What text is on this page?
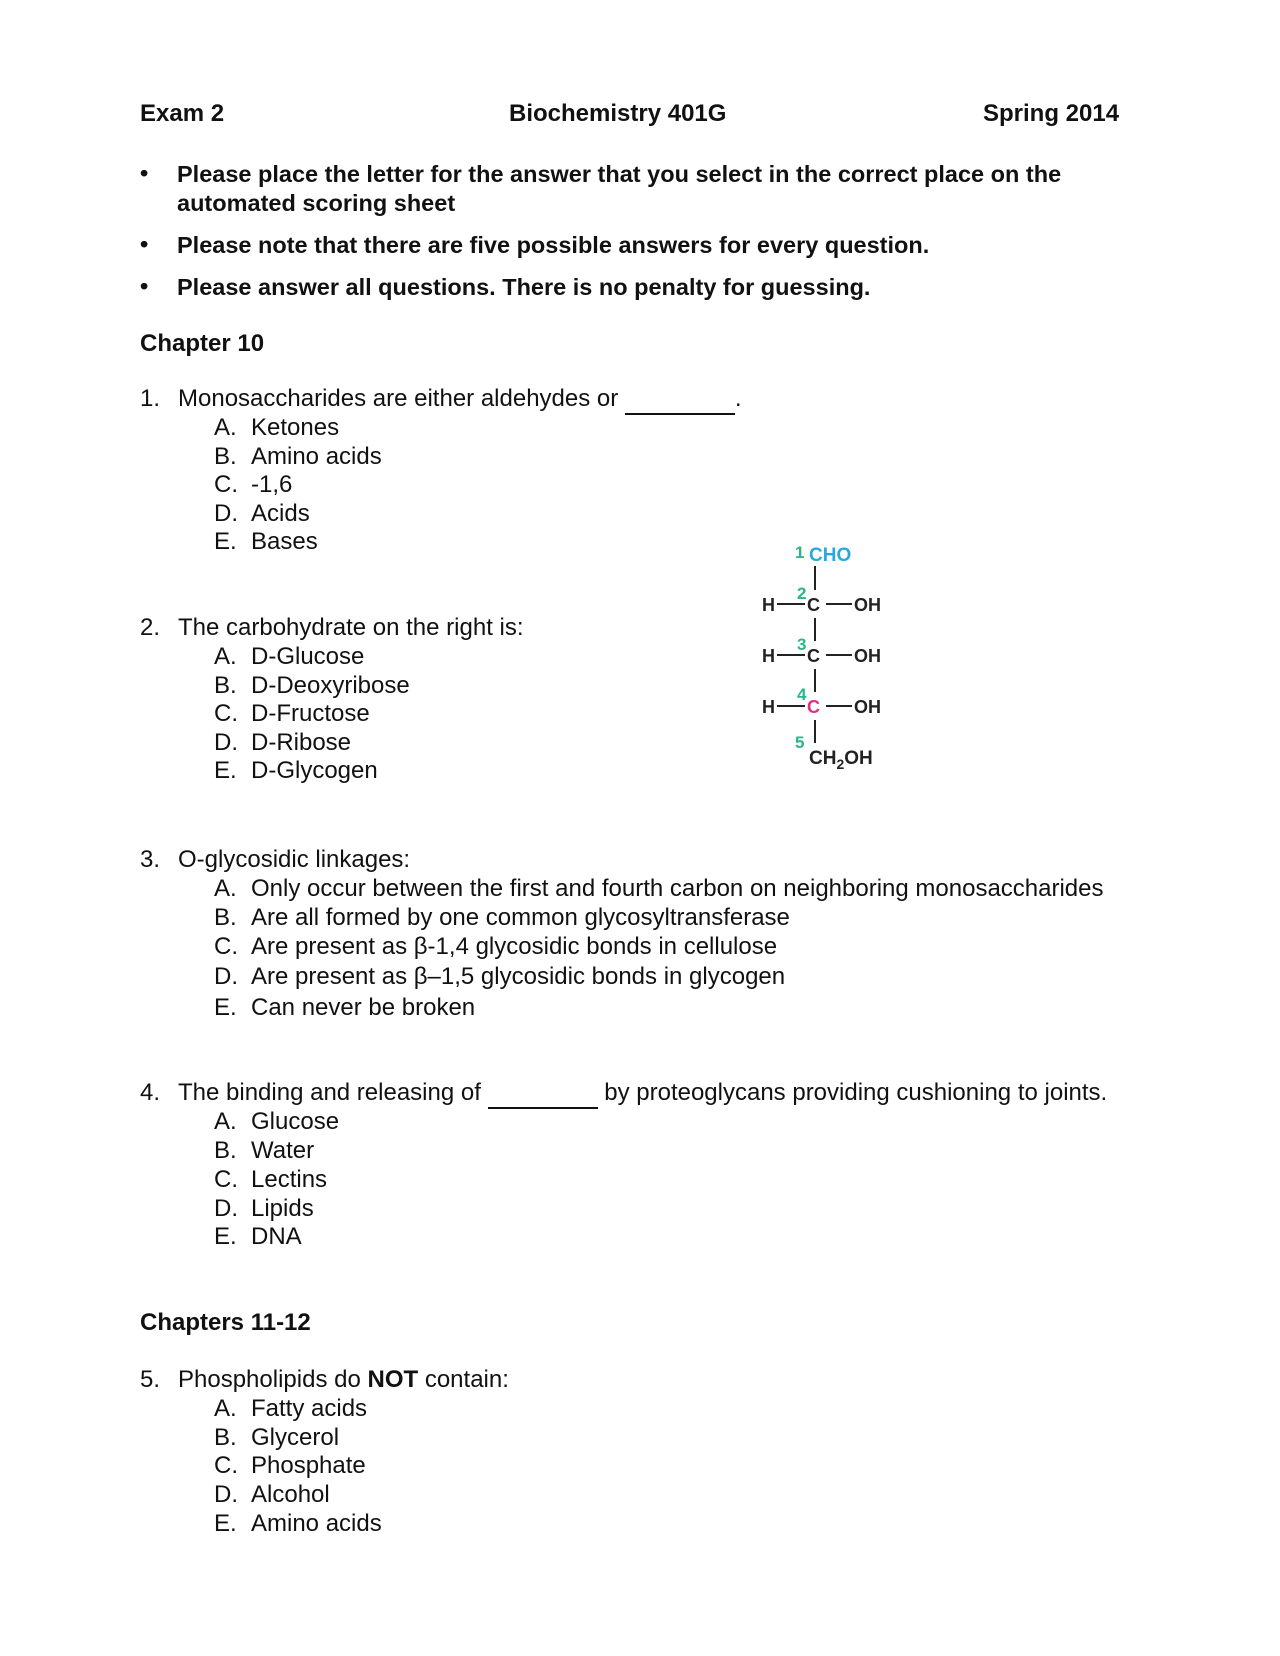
Exam 2	Biochemistry 401G	Spring 2014
•	Please place the letter for the answer that you select in the correct place on the automated scoring sheet
•	Please note that there are five possible answers for every question.
•	Please answer all questions. There is no penalty for guessing.
Chapter 10
1. Monosaccharides are either aldehydes or	.
A. Ketones
B. Amino acids
C. -1,6
D. Acids
E. Bases
2. The carbohydrate on the right is:
A. D-Glucose
B. D-Deoxyribose
C. D-Fructose
D. D-Ribose
E. D-Glycogen
1
2
3
4
5
CHO
H C OH
H C OH
H C OH
$CH_2OH$
3. O-glycosidic linkages:
A. Only occur between the first and fourth carbon on neighboring monosaccharides
B. Are all formed by one common glycosyltransferase
C. Are present as β-1,4 glycosidic bonds in cellulose
D. Are present as β–1,5 glycosidic bonds in glycogen
E. Can never be broken
4. The binding and releasing of	by proteoglycans providing cushioning to joints.
A. Glucose
B. Water
C. Lectins
D. Lipids
E. DNA
Chapters 11-12
5. Phospholipids do NOT contain:
A. Fatty acids
B. Glycerol
C. Phosphate
D. Alcohol
E. Amino acids
